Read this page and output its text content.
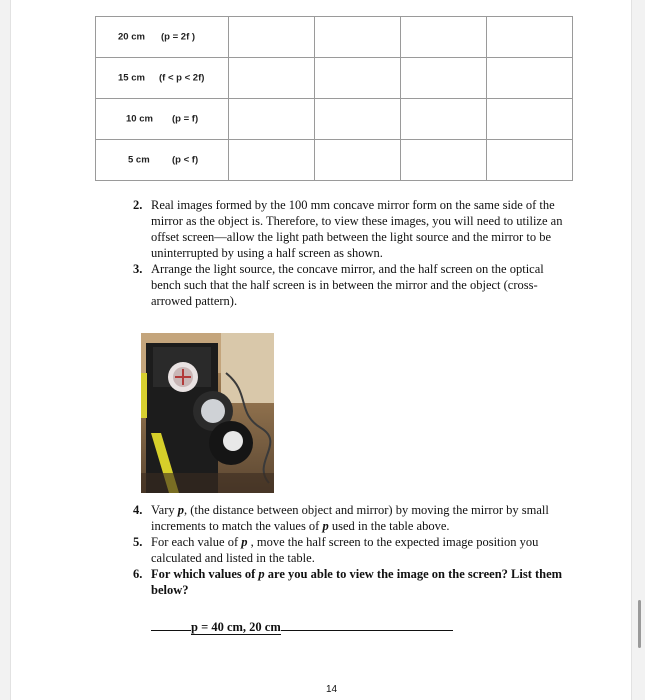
20 cm (p = 2f )				

15 cm (f < p < 2f)				

10 cm (p = f)				

5 cm (p < f)				

2. Real images formed by the 100 mm concave mirror form on the same side of the mirror as the object is. Therefore, to view these images, you will need to utilize an offset screen—allow the light path between the light source and the mirror to be uninterrupted by using a half screen as shown.
3. Arrange the light source, the concave mirror, and the half screen on the optical bench such that the half screen is in between the mirror and the object (cross-arrowed pattern).
4. Vary p, (the distance between object and mirror) by moving the mirror by small increments to match the values of p used in the table above.
5. For each value of p , move the half screen to the expected image position you calculated and listed in the table.
6. For which values of p are you able to view the image on the screen? List them below?
p = 40 cm, 20 cm
14
